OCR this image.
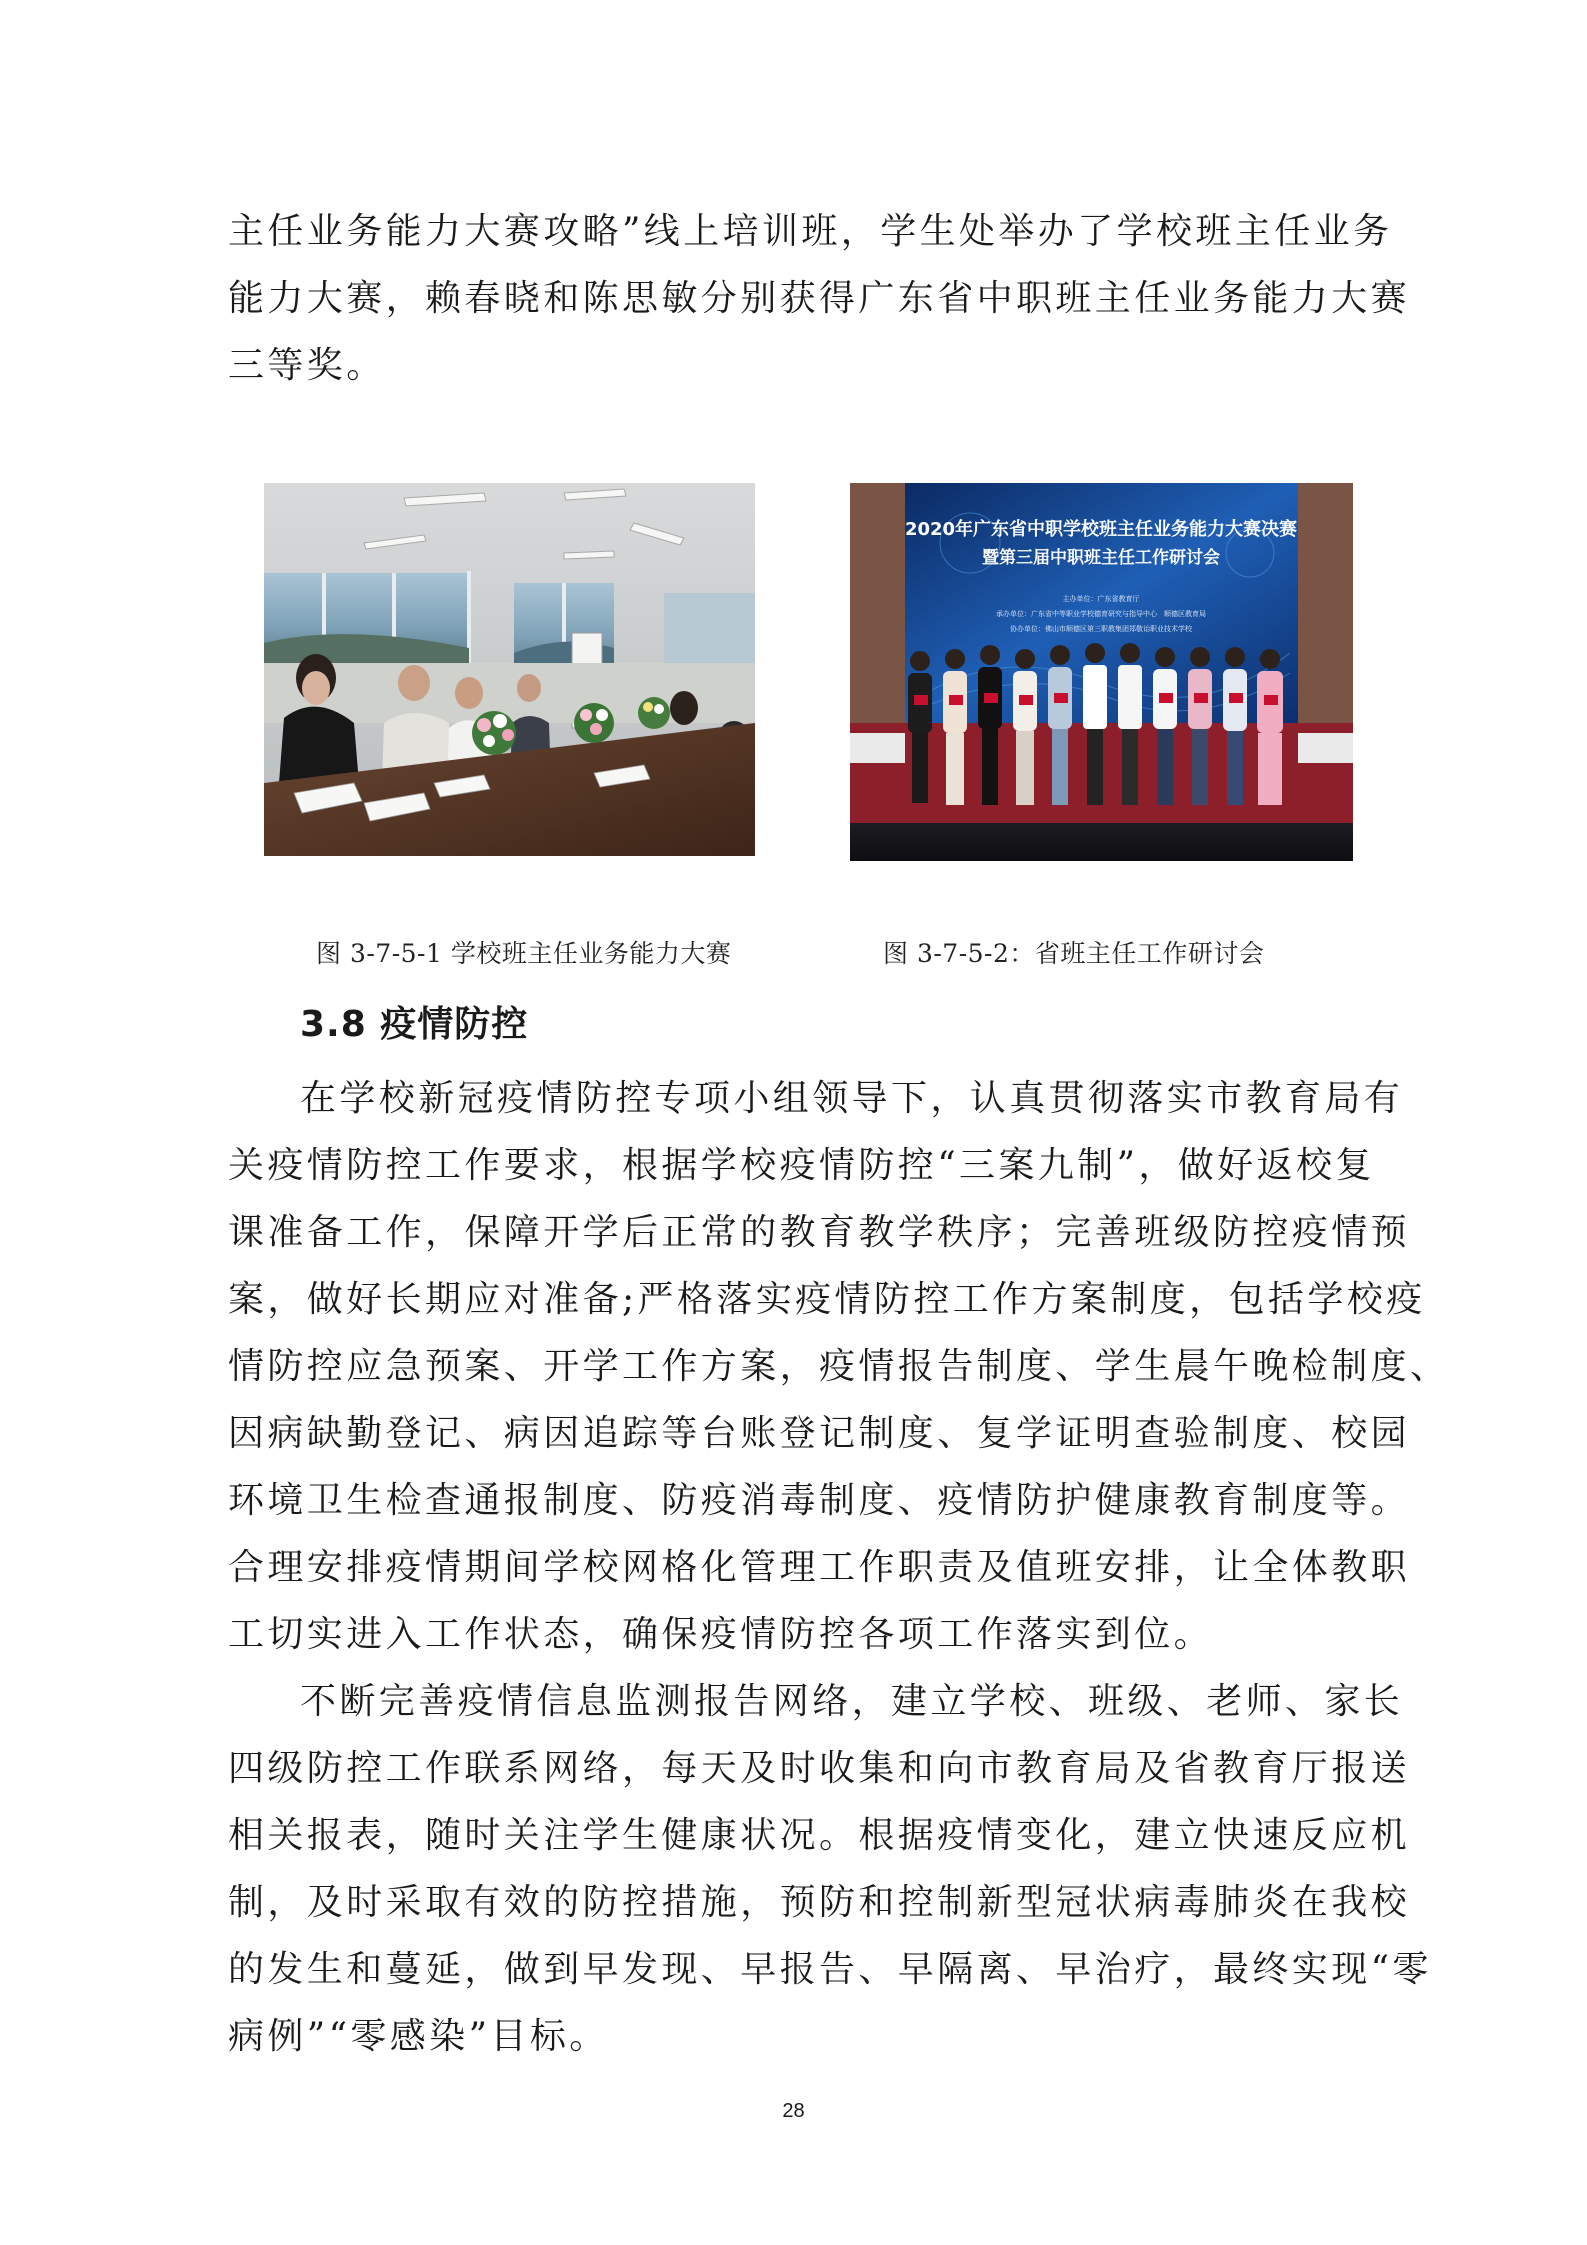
主任业务能力大赛攻略”线上培训班，学生处举办了学校班主任业务
能力大赛，赖春晓和陈思敏分别获得广东省中职班主任业务能力大赛
三等奖。
2020年广东省中职学校班主任业务能力大赛决赛
暨第三届中职班主任工作研讨会
主办单位：广东省教育厅
承办单位：广东省中等职业学校德育研究与指导中心　顺德区教育局
协办单位：佛山市顺德区第三职教集团郑敬诒职业技术学校
图 3-7-5-1 学校班主任业务能力大赛	图 3-7-5-2：省班主任工作研讨会
3.8 疫情防控
在学校新冠疫情防控专项小组领导下，认真贯彻落实市教育局有
关疫情防控工作要求，根据学校疫情防控“三案九制”，做好返校复
课准备工作，保障开学后正常的教育教学秩序；完善班级防控疫情预
案，做好长期应对准备;严格落实疫情防控工作方案制度，包括学校疫
情防控应急预案、开学工作方案，疫情报告制度、学生晨午晚检制度、
因病缺勤登记、病因追踪等台账登记制度、复学证明查验制度、校园
环境卫生检查通报制度、防疫消毒制度、疫情防护健康教育制度等。
合理安排疫情期间学校网格化管理工作职责及值班安排，让全体教职
工切实进入工作状态，确保疫情防控各项工作落实到位。
不断完善疫情信息监测报告网络，建立学校、班级、老师、家长
四级防控工作联系网络，每天及时收集和向市教育局及省教育厅报送
相关报表，随时关注学生健康状况。根据疫情变化，建立快速反应机
制，及时采取有效的防控措施，预防和控制新型冠状病毒肺炎在我校
的发生和蔓延，做到早发现、早报告、早隔离、早治疗，最终实现“零
病例”“零感染”目标。
28
